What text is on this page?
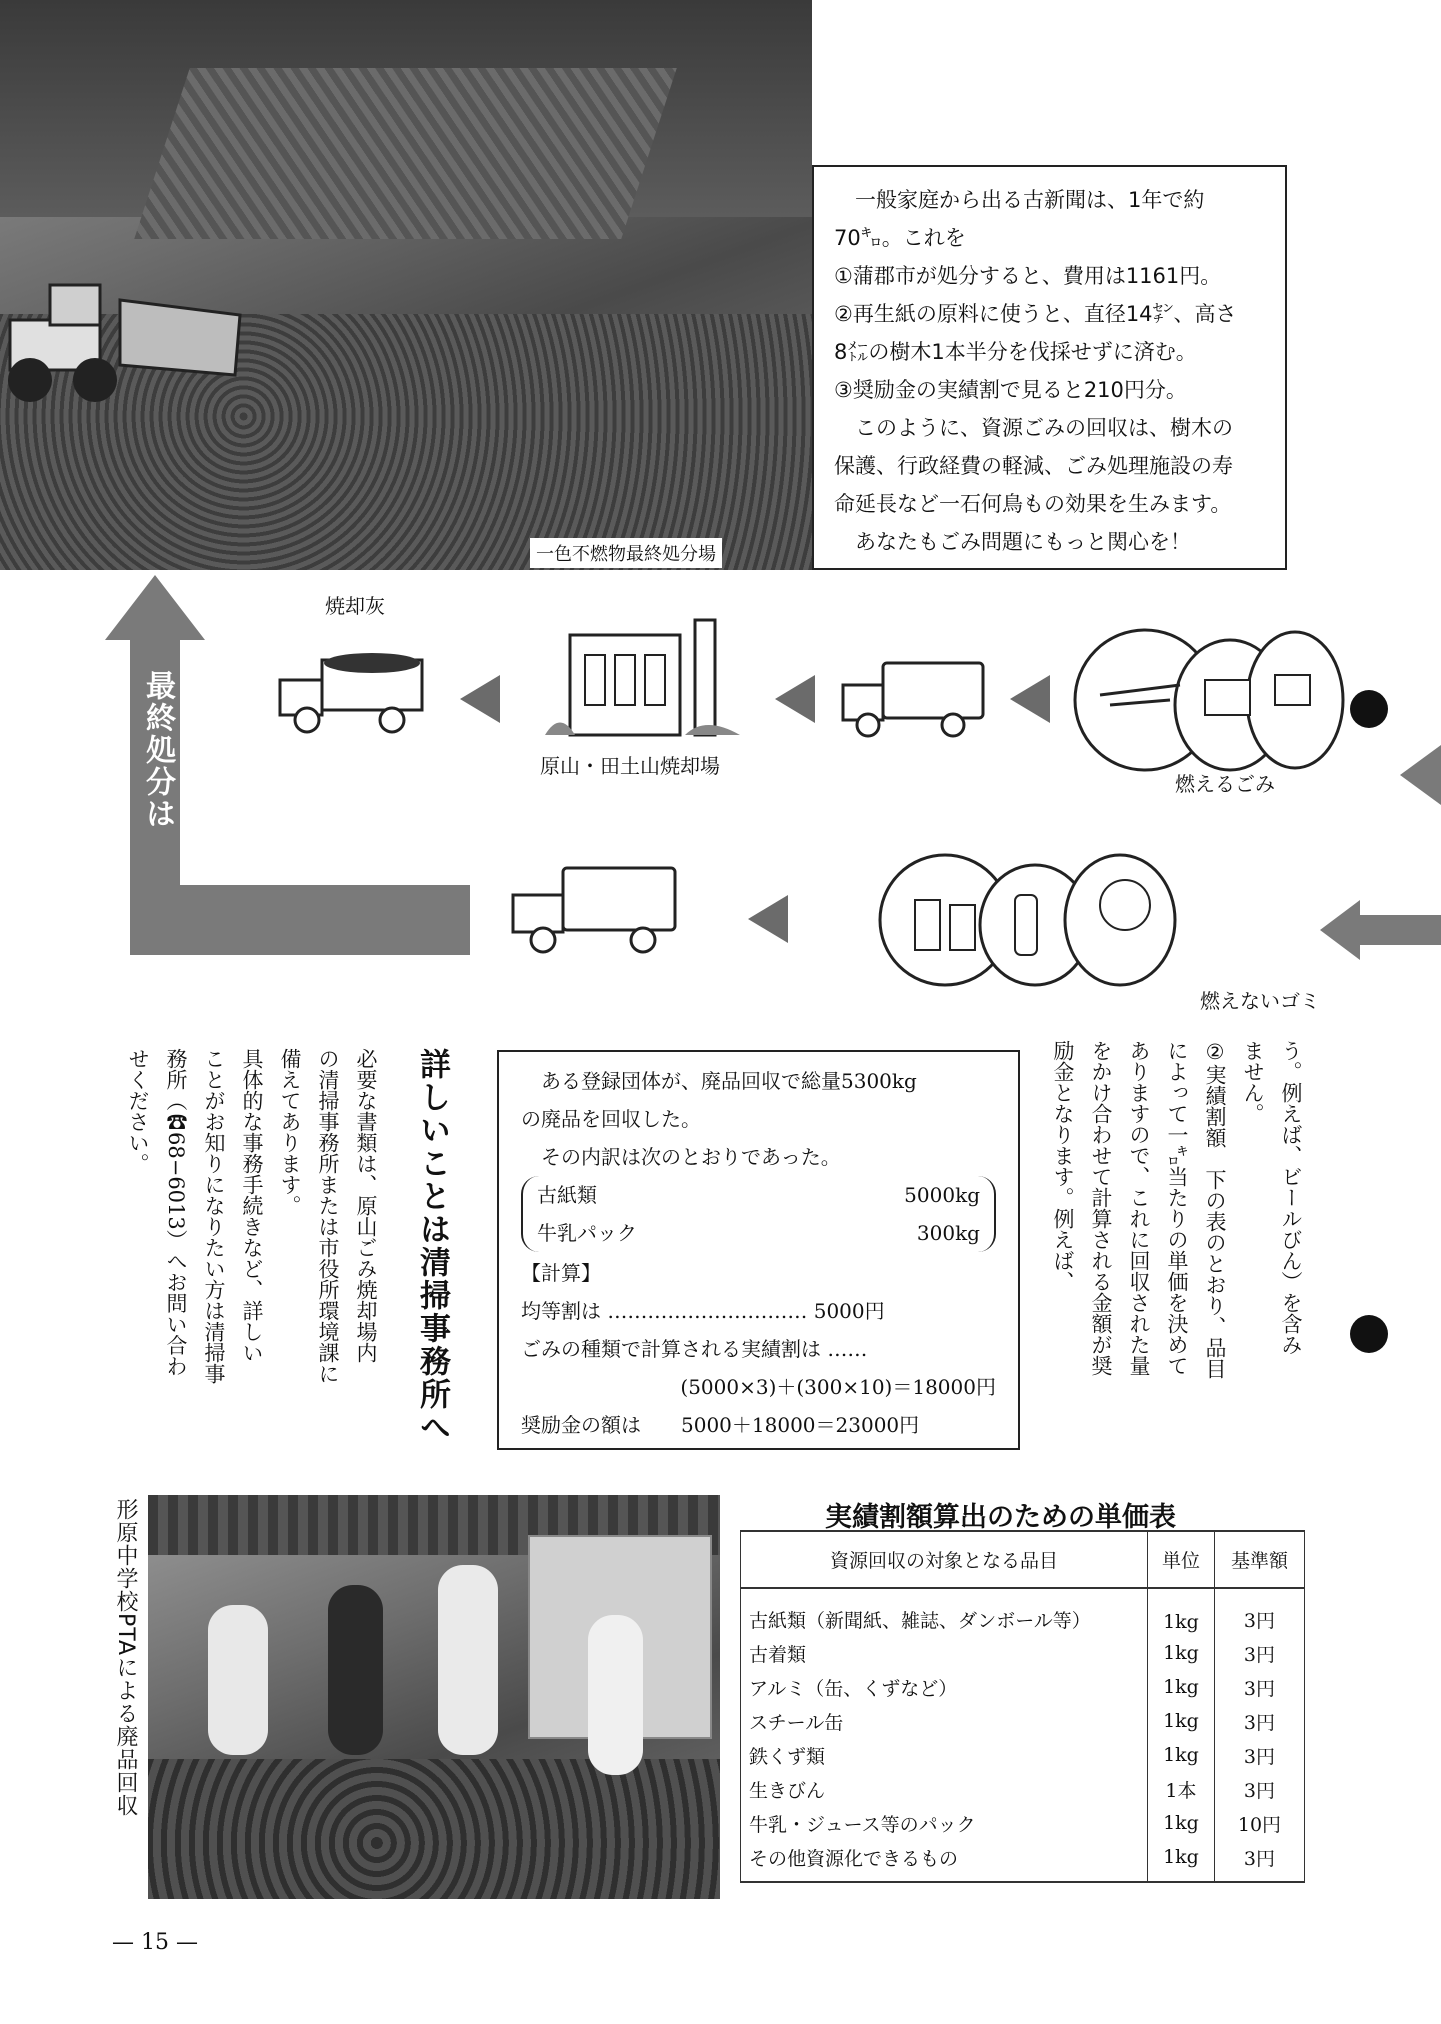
一色不燃物最終処分場

一般家庭から出る古新聞は、1年で約

70㌔。これを

①蒲郡市が処分すると、費用は1161円。

②再生紙の原料に使うと、直径14㌢、高さ

8㍍の樹木1本半分を伐採せずに済む。

③奨励金の実績割で見ると210円分。

このように、資源ごみの回収は、樹木の

保護、行政経費の軽減、ごみ処理施設の寿

命延長など一石何鳥もの効果を生みます。

あなたもごみ問題にもっと関心を！

最終処分は
焼却灰
原山・田土山焼却場
燃えるごみ
燃えないゴミ
う。例えば、ビールびん）を含み
ません。
②実績割額　下の表のとおり、品目
によって一㌔当たりの単価を決めて
ありますので、これに回収された量
をかけ合わせて計算される金額が奨
励金となります。例えば、

ある登録団体が、廃品回収で総量5300kg

の廃品を回収した。

その内訳は次のとおりであった。

古紙類	5000kg
牛乳パック	300kg

【計算】

均等割は ………………………… 5000円

ごみの種類で計算される実績割は ……

(5000×3)＋(300×10)＝18000円

奨励金の額は　　5000＋18000＝23000円

詳しいことは清掃事務所へ
必要な書類は、原山ごみ焼却場内
の清掃事務所または市役所環境課に
備えてあります。
具体的な事務手続きなど、詳しい
ことがお知りになりたい方は清掃事
務所（☎68−6013）へお問い合わ
せください。
形原中学校PTAによる廃品回収	実績割額算出のための単価表
資源回収の対象となる品目	単位	基準額
古紙類（新聞紙、雑誌、ダンボール等）	1kg	3円
古着類	1kg	3円
アルミ（缶、くずなど）	1kg	3円
スチール缶	1kg	3円
鉄くず類	1kg	3円
生きびん	1本	3円
牛乳・ジュース等のパック	1kg	10円
その他資源化できるもの	1kg	3円
— 15 —
